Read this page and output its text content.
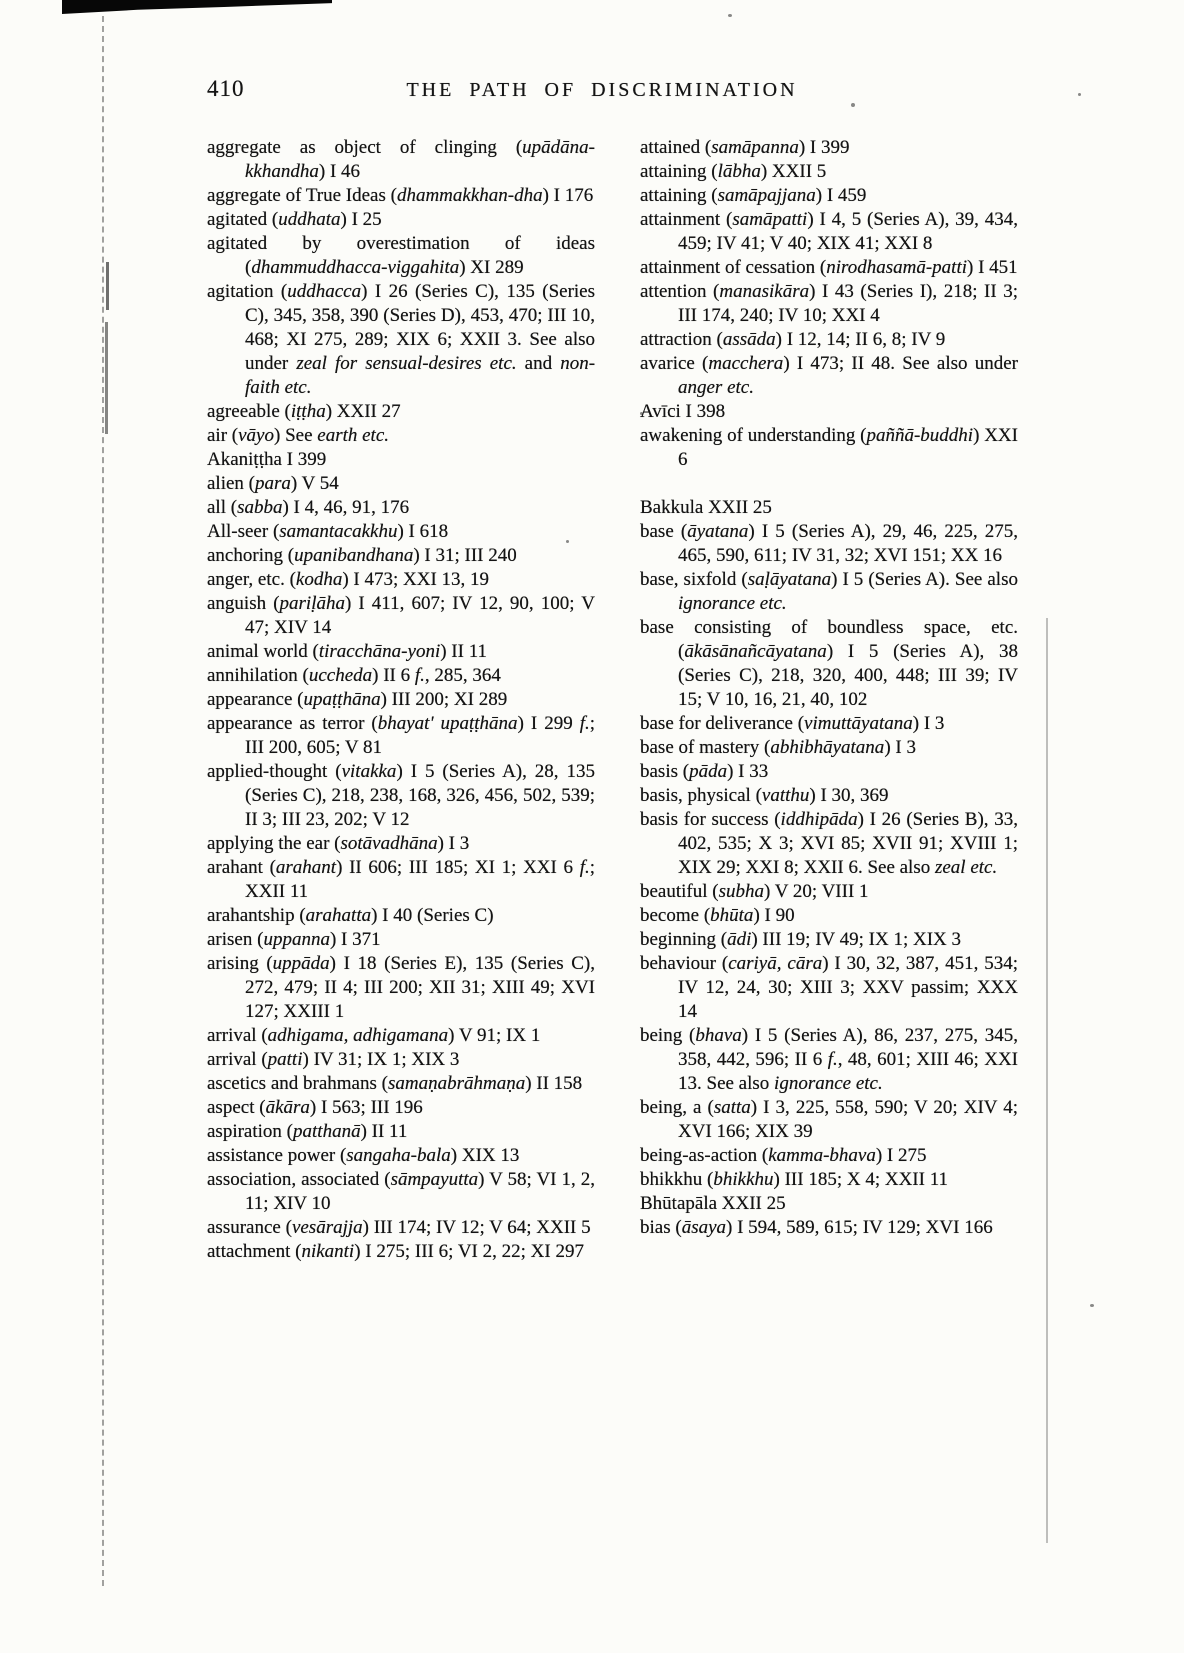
410	THE PATH OF DISCRIMINATION

aggregate as object of clinging (upādāna-kkhandha) I 46

aggregate of True Ideas (dhammakkhan-dha) I 176

agitated (uddhata) I 25

agitated by overestimation of ideas (dhammuddhacca-viggahita) XI 289

agitation (uddhacca) I 26 (Series C), 135 (Series C), 345, 358, 390 (Series D), 453, 470; III 10, 468; XI 275, 289; XIX 6; XXII 3. See also under zeal for sensual-desires etc. and non-faith etc.

agreeable (iṭṭha) XXII 27

air (vāyo) See earth etc.

Akaniṭṭha I 399

alien (para) V 54

all (sabba) I 4, 46, 91, 176

All-seer (samantacakkhu) I 618

anchoring (upanibandhana) I 31; III 240

anger, etc. (kodha) I 473; XXI 13, 19

anguish (pariḷāha) I 411, 607; IV 12, 90, 100; V 47; XIV 14

animal world (tiracchāna-yoni) II 11

annihilation (uccheda) II 6 f., 285, 364

appearance (upaṭṭhāna) III 200; XI 289

appearance as terror (bhayat' upaṭṭhāna) I 299 f.; III 200, 605; V 81

applied-thought (vitakka) I 5 (Series A), 28, 135 (Series C), 218, 238, 168, 326, 456, 502, 539; II 3; III 23, 202; V 12

applying the ear (sotāvadhāna) I 3

arahant (arahant) II 606; III 185; XI 1; XXI 6 f.; XXII 11

arahantship (arahatta) I 40 (Series C)

arisen (uppanna) I 371

arising (uppāda) I 18 (Series E), 135 (Series C), 272, 479; II 4; III 200; XII 31; XIII 49; XVI 127; XXIII 1

arrival (adhigama, adhigamana) V 91; IX 1

arrival (patti) IV 31; IX 1; XIX 3

ascetics and brahmans (samaṇabrāhmaṇa) II 158

aspect (ākāra) I 563; III 196

aspiration (patthanā) II 11

assistance power (sangaha-bala) XIX 13

association, associated (sāmpayutta) V 58; VI 1, 2, 11; XIV 10

assurance (vesārajja) III 174; IV 12; V 64; XXII 5

attachment (nikanti) I 275; III 6; VI 2, 22; XI 297

attained (samāpanna) I 399

attaining (lābha) XXII 5

attaining (samāpajjana) I 459

attainment (samāpatti) I 4, 5 (Series A), 39, 434, 459; IV 41; V 40; XIX 41; XXI 8

attainment of cessation (nirodhasamā-patti) I 451

attention (manasikāra) I 43 (Series I), 218; II 3; III 174, 240; IV 10; XXI 4

attraction (assāda) I 12, 14; II 6, 8; IV 9

avarice (macchera) I 473; II 48. See also under anger etc.

Avīci I 398

awakening of understanding (paññā-buddhi) XXI 6

Bakkula XXII 25

base (āyatana) I 5 (Series A), 29, 46, 225, 275, 465, 590, 611; IV 31, 32; XVI 151; XX 16

base, sixfold (saḷāyatana) I 5 (Series A). See also ignorance etc.

base consisting of boundless space, etc. (ākāsānañcāyatana) I 5 (Series A), 38 (Series C), 218, 320, 400, 448; III 39; IV 15; V 10, 16, 21, 40, 102

base for deliverance (vimuttāyatana) I 3

base of mastery (abhibhāyatana) I 3

basis (pāda) I 33

basis, physical (vatthu) I 30, 369

basis for success (iddhipāda) I 26 (Series B), 33, 402, 535; X 3; XVI 85; XVII 91; XVIII 1; XIX 29; XXI 8; XXII 6. See also zeal etc.

beautiful (subha) V 20; VIII 1

become (bhūta) I 90

beginning (ādi) III 19; IV 49; IX 1; XIX 3

behaviour (cariyā, cāra) I 30, 32, 387, 451, 534; IV 12, 24, 30; XIII 3; XXV passim; XXX 14

being (bhava) I 5 (Series A), 86, 237, 275, 345, 358, 442, 596; II 6 f., 48, 601; XIII 46; XXI 13. See also ignorance etc.

being, a (satta) I 3, 225, 558, 590; V 20; XIV 4; XVI 166; XIX 39

being-as-action (kamma-bhava) I 275

bhikkhu (bhikkhu) III 185; X 4; XXII 11

Bhūtapāla XXII 25

bias (āsaya) I 594, 589, 615; IV 129; XVI 166
